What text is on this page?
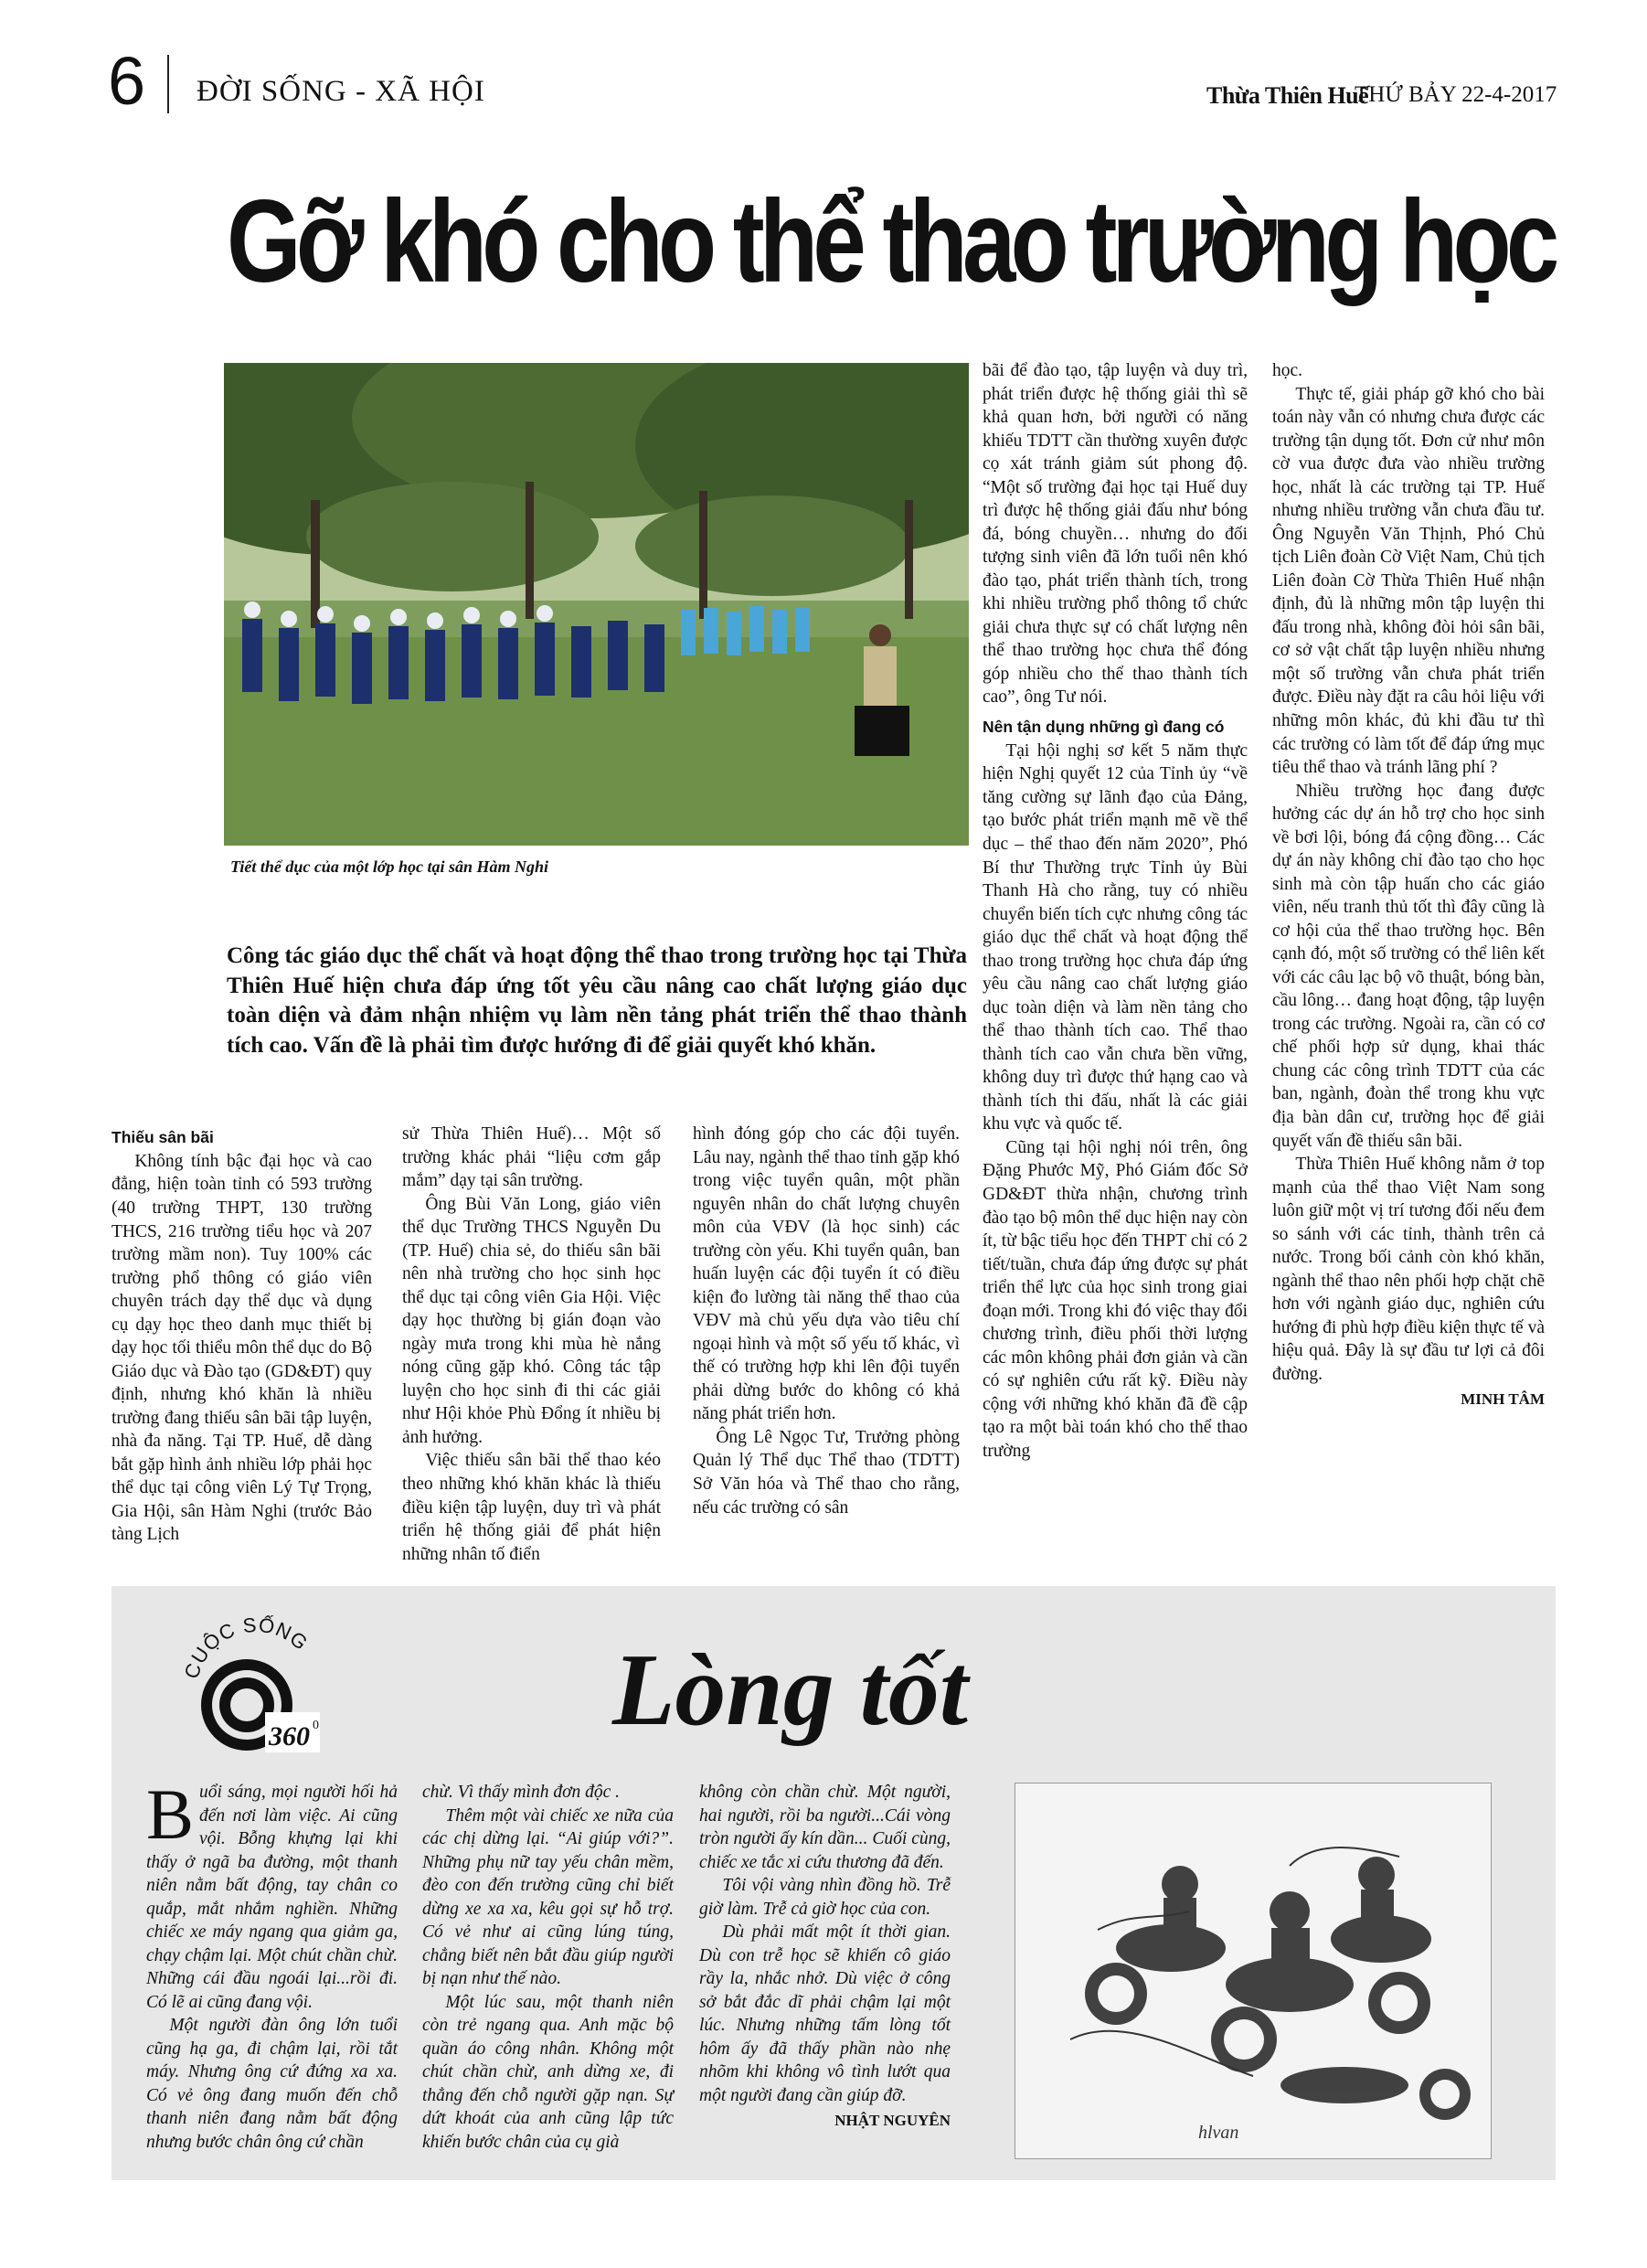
6 ĐỜI SỐNG - XÃ HỘI	Thừa Thiên Huế
THỨ BẢY 22-4-2017
Gỡ khó cho thể thao trường học
Tiết thể dục của một lớp học tại sân Hàm Nghi
Công tác giáo dục thể chất và hoạt động thể thao trong trường học tại Thừa Thiên Huế hiện chưa đáp ứng tốt yêu cầu nâng cao chất lượng giáo dục toàn diện và đảm nhận nhiệm vụ làm nền tảng phát triển thể thao thành tích cao. Vấn đề là phải tìm được hướng đi để giải quyết khó khăn.
Thiếu sân bãi

Không tính bậc đại học và cao đẳng, hiện toàn tỉnh có 593 trường (40 trường THPT, 130 trường THCS, 216 trường tiểu học và 207 trường mầm non). Tuy 100% các trường phổ thông có giáo viên chuyên trách dạy thể dục và dụng cụ dạy học theo danh mục thiết bị dạy học tối thiểu môn thể dục do Bộ Giáo dục và Đào tạo (GD&ĐT) quy định, nhưng khó khăn là nhiều trường đang thiếu sân bãi tập luyện, nhà đa năng. Tại TP. Huế, dễ dàng bắt gặp hình ảnh nhiều lớp phải học thể dục tại công viên Lý Tự Trọng, Gia Hội, sân Hàm Nghi (trước Bảo tàng Lịch

sử Thừa Thiên Huế)… Một số trường khác phải “liệu cơm gắp mắm” dạy tại sân trường.

Ông Bùi Văn Long, giáo viên thể dục Trường THCS Nguyễn Du (TP. Huế) chia sẻ, do thiếu sân bãi nên nhà trường cho học sinh học thể dục tại công viên Gia Hội. Việc dạy học thường bị gián đoạn vào ngày mưa trong khi mùa hè nắng nóng cũng gặp khó. Công tác tập luyện cho học sinh đi thi các giải như Hội khỏe Phù Đổng ít nhiều bị ảnh hưởng.

Việc thiếu sân bãi thể thao kéo theo những khó khăn khác là thiếu điều kiện tập luyện, duy trì và phát triển hệ thống giải để phát hiện những nhân tố điển

hình đóng góp cho các đội tuyển. Lâu nay, ngành thể thao tỉnh gặp khó trong việc tuyển quân, một phần nguyên nhân do chất lượng chuyên môn của VĐV (là học sinh) các trường còn yếu. Khi tuyển quân, ban huấn luyện các đội tuyển ít có điều kiện đo lường tài năng thể thao của VĐV mà chủ yếu dựa vào tiêu chí ngoại hình và một số yếu tố khác, vì thế có trường hợp khi lên đội tuyển phải dừng bước do không có khả năng phát triển hơn.

Ông Lê Ngọc Tư, Trưởng phòng Quản lý Thể dục Thể thao (TDTT) Sở Văn hóa và Thể thao cho rằng, nếu các trường có sân

bãi để đào tạo, tập luyện và duy trì, phát triển được hệ thống giải thì sẽ khả quan hơn, bởi người có năng khiếu TDTT cần thường xuyên được cọ xát tránh giảm sút phong độ. “Một số trường đại học tại Huế duy trì được hệ thống giải đấu như bóng đá, bóng chuyền… nhưng do đối tượng sinh viên đã lớn tuổi nên khó đào tạo, phát triển thành tích, trong khi nhiều trường phổ thông tổ chức giải chưa thực sự có chất lượng nên thể thao trường học chưa thể đóng góp nhiều cho thể thao thành tích cao”, ông Tư nói.

Nên tận dụng những gì đang có

Tại hội nghị sơ kết 5 năm thực hiện Nghị quyết 12 của Tỉnh ủy “về tăng cường sự lãnh đạo của Đảng, tạo bước phát triển mạnh mẽ về thể dục – thể thao đến năm 2020”, Phó Bí thư Thường trực Tỉnh ủy Bùi Thanh Hà cho rằng, tuy có nhiều chuyển biến tích cực nhưng công tác giáo dục thể chất và hoạt động thể thao trong trường học chưa đáp ứng yêu cầu nâng cao chất lượng giáo dục toàn diện và làm nền tảng cho thể thao thành tích cao. Thể thao thành tích cao vẫn chưa bền vững, không duy trì được thứ hạng cao và thành tích thi đấu, nhất là các giải khu vực và quốc tế.

Cũng tại hội nghị nói trên, ông Đặng Phước Mỹ, Phó Giám đốc Sở GD&ĐT thừa nhận, chương trình đào tạo bộ môn thể dục hiện nay còn ít, từ bậc tiểu học đến THPT chỉ có 2 tiết/tuần, chưa đáp ứng được sự phát triển thể lực của học sinh trong giai đoạn mới. Trong khi đó việc thay đổi chương trình, điều phối thời lượng các môn không phải đơn giản và cần có sự nghiên cứu rất kỹ. Điều này cộng với những khó khăn đã đề cập tạo ra một bài toán khó cho thể thao trường

học.

Thực tế, giải pháp gỡ khó cho bài toán này vẫn có nhưng chưa được các trường tận dụng tốt. Đơn cử như môn cờ vua được đưa vào nhiều trường học, nhất là các trường tại TP. Huế nhưng nhiều trường vẫn chưa đầu tư. Ông Nguyễn Văn Thịnh, Phó Chủ tịch Liên đoàn Cờ Việt Nam, Chủ tịch Liên đoàn Cờ Thừa Thiên Huế nhận định, đủ là những môn tập luyện thi đấu trong nhà, không đòi hỏi sân bãi, cơ sở vật chất tập luyện nhiều nhưng một số trường vẫn chưa phát triển được. Điều này đặt ra câu hỏi liệu với những môn khác, đủ khi đầu tư thì các trường có làm tốt để đáp ứng mục tiêu thể thao và tránh lãng phí ?

Nhiều trường học đang được hưởng các dự án hỗ trợ cho học sinh về bơi lội, bóng đá cộng đồng… Các dự án này không chỉ đào tạo cho học sinh mà còn tập huấn cho các giáo viên, nếu tranh thủ tốt thì đây cũng là cơ hội của thể thao trường học. Bên cạnh đó, một số trường có thể liên kết với các câu lạc bộ võ thuật, bóng bàn, cầu lông… đang hoạt động, tập luyện trong các trường. Ngoài ra, cần có cơ chế phối hợp sử dụng, khai thác chung các công trình TDTT của các ban, ngành, đoàn thể trong khu vực địa bàn dân cư, trường học để giải quyết vấn đề thiếu sân bãi.

Thừa Thiên Huế không nằm ở top mạnh của thể thao Việt Nam song luôn giữ một vị trí tương đối nếu đem so sánh với các tỉnh, thành trên cả nước. Trong bối cảnh còn khó khăn, ngành thể thao nên phối hợp chặt chẽ hơn với ngành giáo dục, nghiên cứu hướng đi phù hợp điều kiện thực tế và hiệu quả. Đây là sự đầu tư lợi cả đôi đường.

MINH TÂM
CUỘC SỐNG
360 0	Lòng tốt

Buổi sáng, mọi người hối hả đến nơi làm việc. Ai cũng vội. Bỗng khựng lại khi thấy ở ngã ba đường, một thanh niên nằm bất động, tay chân co quắp, mắt nhắm nghiền. Những chiếc xe máy ngang qua giảm ga, chạy chậm lại. Một chút chần chừ. Những cái đầu ngoái lại...rồi đi. Có lẽ ai cũng đang vội.

Một người đàn ông lớn tuổi cũng hạ ga, đi chậm lại, rồi tắt máy. Nhưng ông cứ đứng xa xa. Có vẻ ông đang muốn đến chỗ thanh niên đang nằm bất động nhưng bước chân ông cứ chần

chừ. Vì thấy mình đơn độc .

Thêm một vài chiếc xe nữa của các chị dừng lại. “Ai giúp với?”. Những phụ nữ tay yếu chân mềm, đèo con đến trường cũng chỉ biết dừng xe xa xa, kêu gọi sự hỗ trợ. Có vẻ như ai cũng lúng túng, chẳng biết nên bắt đầu giúp người bị nạn như thế nào.

Một lúc sau, một thanh niên còn trẻ ngang qua. Anh mặc bộ quần áo công nhân. Không một chút chần chừ, anh dừng xe, đi thẳng đến chỗ người gặp nạn. Sự dứt khoát của anh cũng lập tức khiến bước chân của cụ già

không còn chần chừ. Một người, hai người, rồi ba người...Cái vòng tròn người ấy kín dần... Cuối cùng, chiếc xe tắc xi cứu thương đã đến.

Tôi vội vàng nhìn đồng hồ. Trễ giờ làm. Trễ cả giờ học của con.

Dù phải mất một ít thời gian. Dù con trễ học sẽ khiến cô giáo rầy la, nhắc nhở. Dù việc ở công sở bắt đắc dĩ phải chậm lại một lúc. Nhưng những tấm lòng tốt hôm ấy đã thấy phần nào nhẹ nhõm khi không vô tình lướt qua một người đang cần giúp đỡ.

NHẬT NGUYÊN
hlvan
